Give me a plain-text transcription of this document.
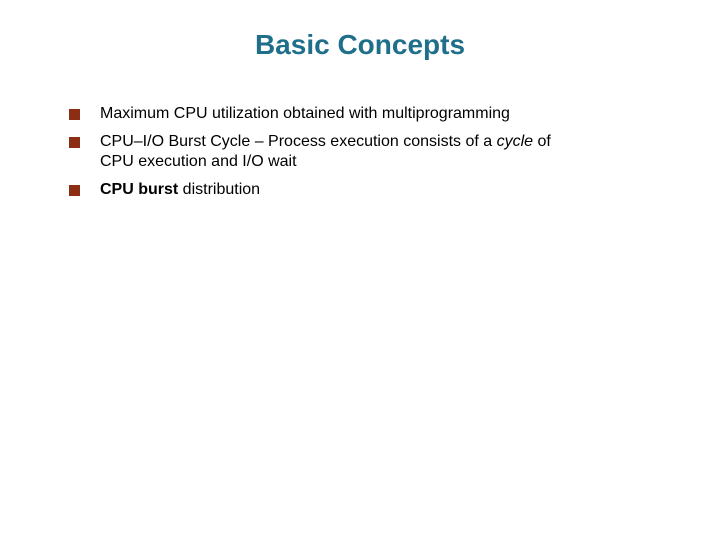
Basic Concepts
Maximum CPU utilization obtained with multiprogramming
CPU–I/O Burst Cycle – Process execution consists of a cycle of
CPU execution and I/O wait
CPU burst distribution
